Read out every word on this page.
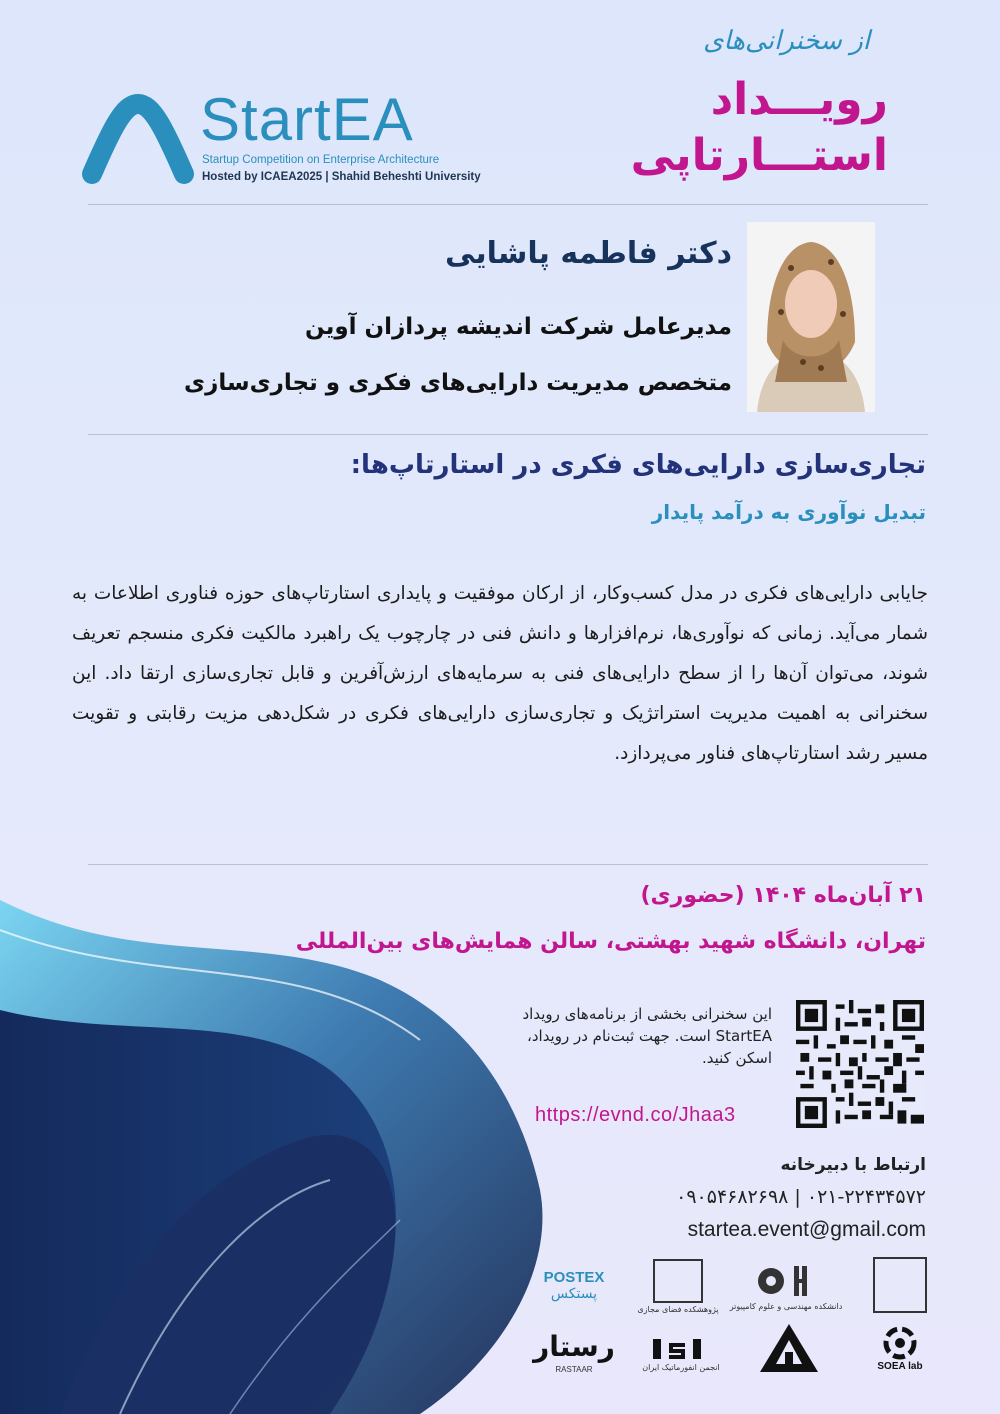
StartEA
Startup Competition on Enterprise Architecture
Hosted by ICAEA2025 | Shahid Beheshti University
از سخنرانی‌های
رویـــداد
استـــارتاپی
دکتر فاطمه پاشایی
مدیرعامل شرکت اندیشه پردازان آوین
متخصص مدیریت دارایی‌های فکری و تجاری‌سازی
تجاری‌سازی دارایی‌های فکری در استارتاپ‌ها:
تبدیل نوآوری به درآمد پایدار
جایابی دارایی‌های فکری در مدل کسب‌وکار، از ارکان موفقیت و پایداری استارتاپ‌های حوزه فناوری اطلاعات به شمار می‌آید. زمانی که نوآوری‌ها، نرم‌افزارها و دانش فنی در چارچوب یک راهبرد مالکیت فکری منسجم تعریف شوند، می‌توان آن‌ها را از سطح دارایی‌های فنی به سرمایه‌های ارزش‌آفرین و قابل تجاری‌سازی ارتقا داد. این سخنرانی به اهمیت مدیریت استراتژیک و تجاری‌سازی دارایی‌های فکری در شکل‌دهی مزیت رقابتی و تقویت مسیر رشد استارتاپ‌های فناور می‌پردازد.
۲۱ آبان‌ماه ۱۴۰۴ (حضوری)
تهران، دانشگاه شهید بهشتی، سالن همایش‌های بین‌المللی
این سخنرانی بخشی از برنامه‌های رویداد StartEA است. جهت ثبت‌نام در رویداد، اسکن کنید.
https://evnd.co/Jhaa3
ارتباط با دبیرخانه
۰۲۱-۲۲۴۳۴۵۷۲ | ۰۹۰۵۴۶۸۲۶۹۸
startea.event@gmail.com
POSTEX
پستکس
پژوهشکده فضای مجازی دانشکده مهندسی و علوم کامپیوتر
رستار
RASTAAR	انجمن انفورماتیک ایران	SOEA lab
